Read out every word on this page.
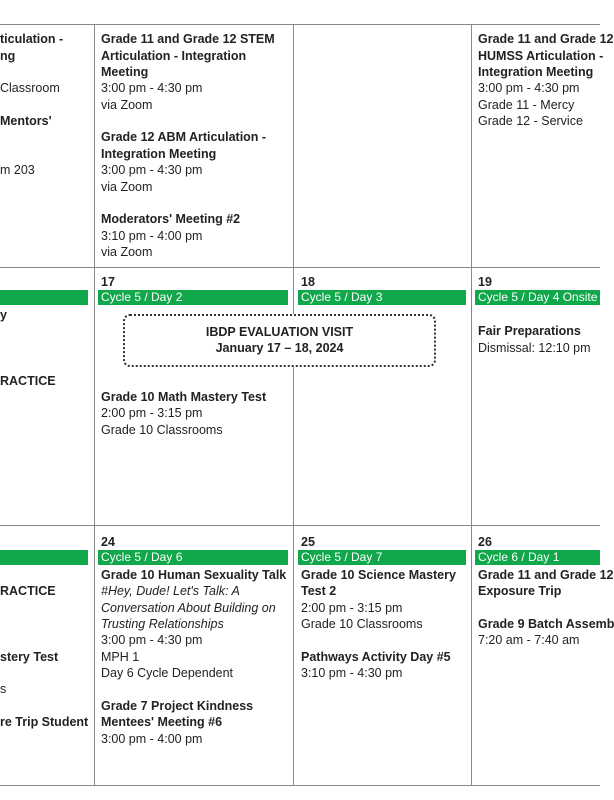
ticulation -
ng
Classroom
Mentors'
m 203
Grade 11 and Grade 12 STEM
Articulation - Integration
Meeting
3:00 pm - 4:30 pm
via Zoom
Grade 12 ABM Articulation -
Integration Meeting
3:00 pm - 4:30 pm
via Zoom
Moderators' Meeting #2
3:10 pm - 4:00 pm
via Zoom
Grade 11 and Grade 12
HUMSS Articulation -
Integration Meeting
3:00 pm - 4:30 pm
Grade 11 - Mercy
Grade 12 - Service
y
RACTICE
17
Cycle 5 / Day 2
Grade 10 Math Mastery Test
2:00 pm - 3:15 pm
Grade 10 Classrooms
18
Cycle 5 / Day 3
IBDP EVALUATION VISIT
January 17 – 18, 2024
19
Cycle 5 / Day 4 Onsite
Fair Preparations
Dismissal: 12:10 pm
RACTICE
stery Test
s
re Trip Student
24
Cycle 5 / Day 6
Grade 10 Human Sexuality Talk
#Hey, Dude! Let's Talk: A
Conversation About Building on
Trusting Relationships
3:00 pm - 4:30 pm
MPH 1
Day 6 Cycle Dependent
Grade 7 Project Kindness
Mentees' Meeting #6
3:00 pm - 4:00 pm
25
Cycle 5 / Day 7
Grade 10 Science Mastery
Test 2
2:00 pm - 3:15 pm
Grade 10 Classrooms
Pathways Activity Day #5
3:10 pm - 4:30 pm
26
Cycle 6 / Day 1
Grade 11 and Grade 12
Exposure Trip
Grade 9 Batch Assemb
7:20 am - 7:40 am
